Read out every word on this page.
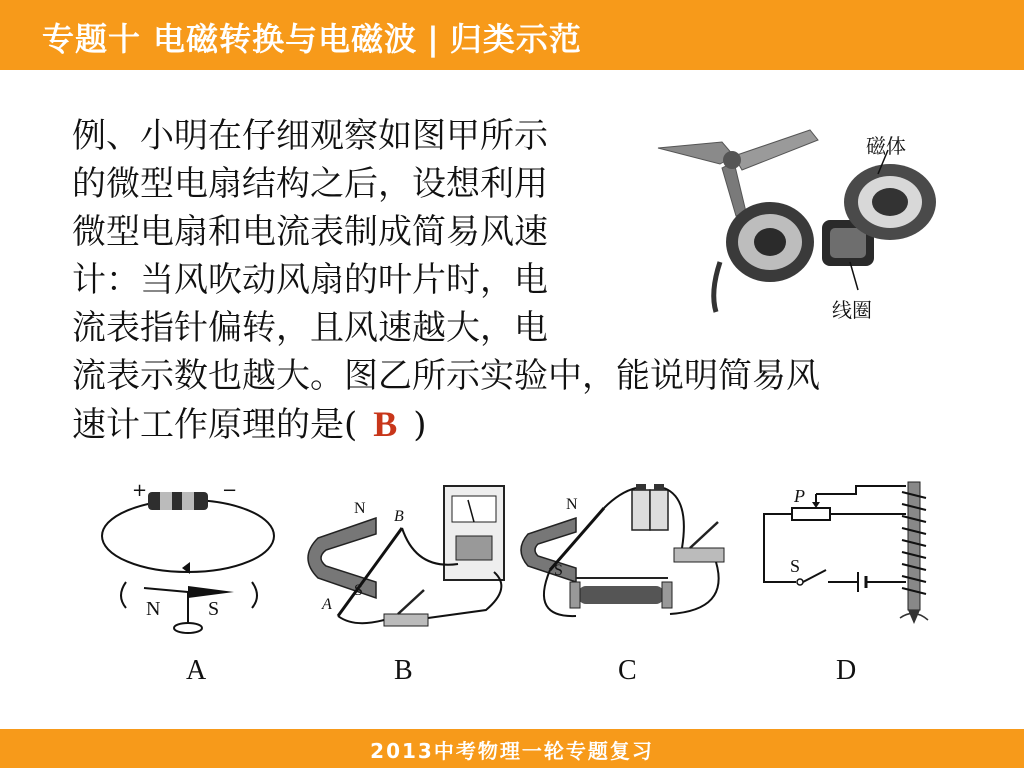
专题十 电磁转换与电磁波 | 归类示范
例、小明在仔细观察如图甲所示
的微型电扇结构之后，设想利用
微型电扇和电流表制成简易风速
计：当风吹动风扇的叶片时，电
流表指针偏转，且风速越大，电
流表示数也越大。图乙所示实验中，能说明简易风
速计工作原理的是( B )
磁体
线圈
+	−
N S
N B
S
A
N
S
P
S
A	B	C	D
2013中考物理一轮专题复习
